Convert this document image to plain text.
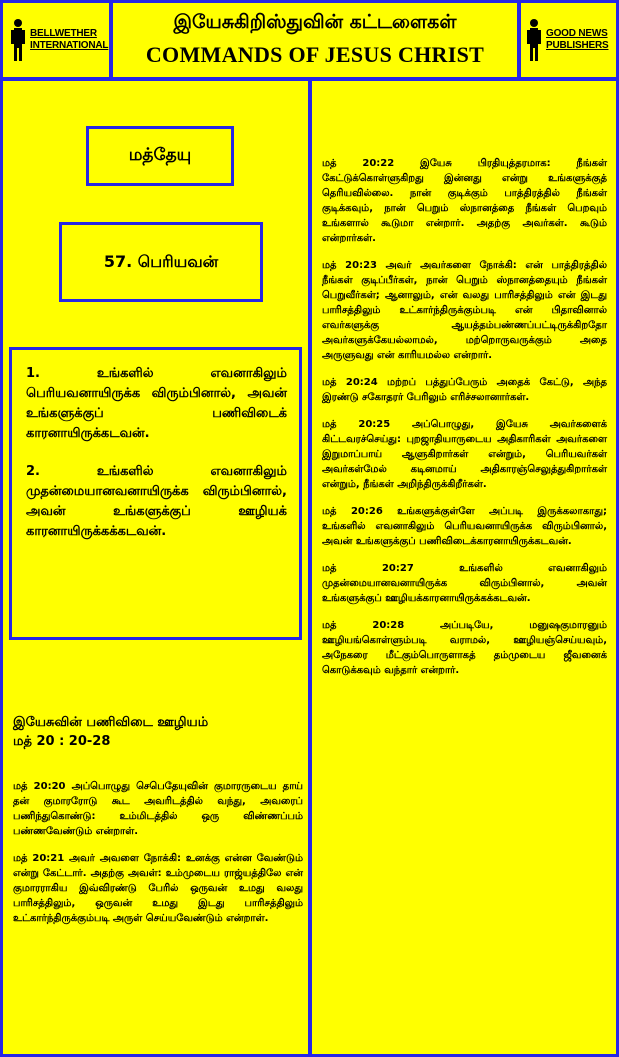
BELLWETHER INTERNATIONAL
இயேசுகிறிஸ்துவின் கட்டளைகள்
COMMANDS OF JESUS CHRIST
GOOD NEWS PUBLISHERS
மத்தேயு
57. பெரியவன்

1. உங்களில் எவனாகிலும் பெரியவனாயிருக்க விரும்பினால், அவன் உங்களுக்குப் பணிவிடைக் காரனாயிருக்கடவன்.

2. உங்களில் எவனாகிலும் முதன்மையானவனாயிருக்க விரும்பினால், அவன் உங்களுக்குப் ஊழியக் காரனாயிருக்கக்கடவன்.

இயேசுவின் பணிவிடை ஊழியம்
மத் 20 : 20-28

மத் 20:20 அப்பொழுது செபெதேயுவின் குமாரருடைய தாய் தன் குமாரரோடு கூட அவரிடத்தில் வந்து, அவரைப் பணிந்துகொண்டு: உம்மிடத்தில் ஒரு விண்ணப்பம் பண்ணவேண்டும் என்றாள்.

மத் 20:21 அவர் அவளை நோக்கி: உனக்கு என்ன வேண்டும் என்று கேட்டார். அதற்கு அவள்: உம்முடைய ராஜ்யத்திலே என் குமாரராகிய இவ்விரண்டு பேரில் ஒருவன் உமது வலது பாரிசத்திலும், ஒருவன் உமது இடது பாரிசத்திலும் உட்கார்ந்திருக்கும்படி அருள் செய்யவேண்டும் என்றாள்.

மத் 20:22 இயேசு பிரதியுத்தரமாக: நீங்கள் கேட்டுக்கொள்ளுகிறது இன்னது என்று உங்களுக்குத் தெரியவில்லை. நான் குடிக்கும் பாத்திரத்தில் நீங்கள் குடிக்கவும், நான் பெறும் ஸ்நானத்தை நீங்கள் பெறவும் உங்களால் கூடுமா என்றார். அதற்கு அவர்கள். கூடும் என்றார்கள்.

மத் 20:23 அவர் அவர்களை நோக்கி: என் பாத்திரத்தில் நீங்கள் குடிப்பீர்கள், நான் பெறும் ஸ்நானத்தையும் நீங்கள் பெறுவீர்கள்; ஆனாலும், என் வலது பாரிசத்திலும் என் இடது பாரிசத்திலும் உட்கார்ந்திருக்கும்படி என் பிதாவினால் எவர்களுக்கு ஆயத்தம்பண்ணப்பட்டிருக்கிறதோ அவர்களுக்கேயல்லாமல், மற்றொருவருக்கும் அதை அருளுவது என் காரியமல்ல என்றார்.

மத் 20:24 மற்றப் பத்துப்பேரும் அதைக் கேட்டு, அந்த இரண்டு சகோதரர் பேரிலும் எரிச்சலானார்கள்.

மத் 20:25 அப்பொழுது, இயேசு அவர்களைக் கிட்டவரச்செய்து: புறஜாதியாருடைய அதிகாரிகள் அவர்களை இறுமாப்பாய் ஆளுகிறார்கள் என்றும், பெரியவர்கள் அவர்கள்மேல் கடினமாய் அதிகாரஞ்செலுத்துகிறார்கள் என்றும், நீங்கள் அறிந்திருக்கிறீர்கள்.

மத் 20:26 உங்களுக்குள்ளே அப்படி இருக்கலாகாது; உங்களில் எவனாகிலும் பெரியவனாயிருக்க விரும்பினால், அவன் உங்களுக்குப் பணிவிடைக்காரனாயிருக்கடவன்.

மத் 20:27 உங்களில் எவனாகிலும் முதன்மையானவனாயிருக்க விரும்பினால், அவன் உங்களுக்குப் ஊழியக்காரனாயிருக்கக்கடவன்.

மத் 20:28 அப்படியே, மனுஷகுமாரனும் ஊழியங்கொள்ளும்படி வராமல், ஊழியஞ்செய்யவும், அநேகரை மீட்கும்பொருளாகத் தம்முடைய ஜீவனைக் கொடுக்கவும் வந்தார் என்றார்.
